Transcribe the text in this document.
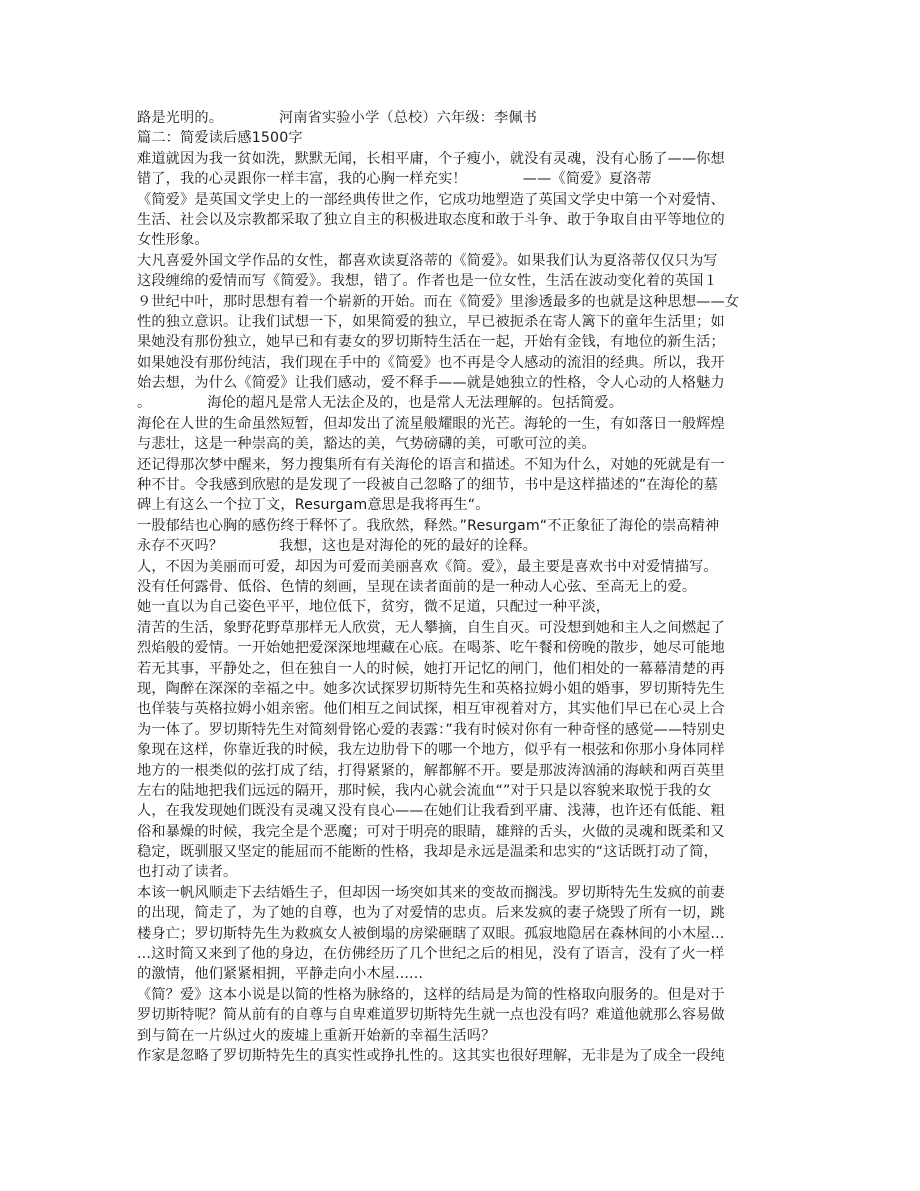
路是光明的。            河南省实验小学（总校）六年级：李佩书
篇二：简爱读后感1500字
难道就因为我一贫如洗，默默无闻，长相平庸，个子瘦小，就没有灵魂，没有心肠了——你想
错了，我的心灵跟你一样丰富，我的心胸一样充实！            ——《简爱》夏洛蒂
《简爱》是英国文学史上的一部经典传世之作，它成功地塑造了英国文学史中第一个对爱情、
生活、社会以及宗教都采取了独立自主的积极进取态度和敢于斗争、敢于争取自由平等地位的
女性形象。
大凡喜爱外国文学作品的女性，都喜欢读夏洛蒂的《简爱》。如果我们认为夏洛蒂仅仅只为写
这段缠绵的爱情而写《简爱》。我想，错了。作者也是一位女性，生活在波动变化着的英国１
９世纪中叶，那时思想有着一个崭新的开始。而在《简爱》里渗透最多的也就是这种思想——女
性的独立意识。让我们试想一下，如果简爱的独立，早已被扼杀在寄人篱下的童年生活里；如
果她没有那份独立，她早已和有妻女的罗切斯特生活在一起，开始有金钱，有地位的新生活；
如果她没有那份纯洁，我们现在手中的《简爱》也不再是令人感动的流泪的经典。所以，我开
始去想，为什么《简爱》让我们感动，爱不释手——就是她独立的性格，令人心动的人格魅力
。            海伦的超凡是常人无法企及的，也是常人无法理解的。包括简爱。
海伦在人世的生命虽然短暂，但却发出了流星般耀眼的光芒。海轮的一生，有如落日一般辉煌
与悲壮，这是一种崇高的美，豁达的美，气势磅礴的美，可歌可泣的美。
还记得那次梦中醒来，努力搜集所有有关海伦的语言和描述。不知为什么，对她的死就是有一
种不甘。令我感到欣慰的是发现了一段被自己忽略了的细节，书中是这样描述的”在海伦的墓
碑上有这么一个拉丁文，Resurgam意思是我将再生“。
一股郁结也心胸的感伤终于释怀了。我欣然，释然。”Resurgam“不正象征了海伦的崇高精神
永存不灭吗？            我想，这也是对海伦的死的最好的诠释。
人，不因为美丽而可爱，却因为可爱而美丽喜欢《简。爱》，最主要是喜欢书中对爱情描写。
没有任何露骨、低俗、色情的刻画，呈现在读者面前的是一种动人心弦、至高无上的爱。
她一直以为自己姿色平平，地位低下，贫穷，微不足道，只配过一种平淡，
清苦的生活，象野花野草那样无人欣赏，无人攀摘，自生自灭。可没想到她和主人之间燃起了
烈焰般的爱情。一开始她把爱深深地埋藏在心底。在喝茶、吃午餐和傍晚的散步，她尽可能地
若无其事，平静处之，但在独自一人的时候，她打开记忆的闸门，他们相处的一幕幕清楚的再
现，陶醉在深深的幸福之中。她多次试探罗切斯特先生和英格拉姆小姐的婚事，罗切斯特先生
也佯装与英格拉姆小姐亲密。他们相互之间试探，相互审视着对方，其实他们早已在心灵上合
为一体了。罗切斯特先生对简刻骨铭心爱的表露：”我有时候对你有一种奇怪的感觉——特别史
象现在这样，你靠近我的时候，我左边肋骨下的哪一个地方，似乎有一根弦和你那小身体同样
地方的一根类似的弦打成了结，打得紧紧的，解都解不开。要是那波涛汹涌的海峡和两百英里
左右的陆地把我们远远的隔开，那时候，我内心就会流血“”对于只是以容貌来取悦于我的女
人，在我发现她们既没有灵魂又没有良心——在她们让我看到平庸、浅薄，也许还有低能、粗
俗和暴燥的时候，我完全是个恶魔；可对于明亮的眼睛，雄辩的舌头，火做的灵魂和既柔和又
稳定，既驯服又坚定的能屈而不能断的性格，我却是永远是温柔和忠实的“这话既打动了简，
也打动了读者。
本该一帆风顺走下去结婚生子，但却因一场突如其来的变故而搁浅。罗切斯特先生发疯的前妻
的出现，简走了，为了她的自尊，也为了对爱情的忠贞。后来发疯的妻子烧毁了所有一切，跳
楼身亡；罗切斯特先生为救疯女人被倒塌的房梁砸瞎了双眼。孤寂地隐居在森林间的小木屋...
...这时简又来到了他的身边，在仿佛经历了几个世纪之后的相见，没有了语言，没有了火一样
的激情，他们紧紧相拥，平静走向小木屋......
《简？爱》这本小说是以简的性格为脉络的，这样的结局是为简的性格取向服务的。但是对于
罗切斯特呢？简从前有的自尊与自卑难道罗切斯特先生就一点也没有吗？难道他就那么容易做
到与简在一片纵过火的废墟上重新开始新的幸福生活吗？
作家是忽略了罗切斯特先生的真实性或挣扎性的。这其实也很好理解，无非是为了成全一段纯
